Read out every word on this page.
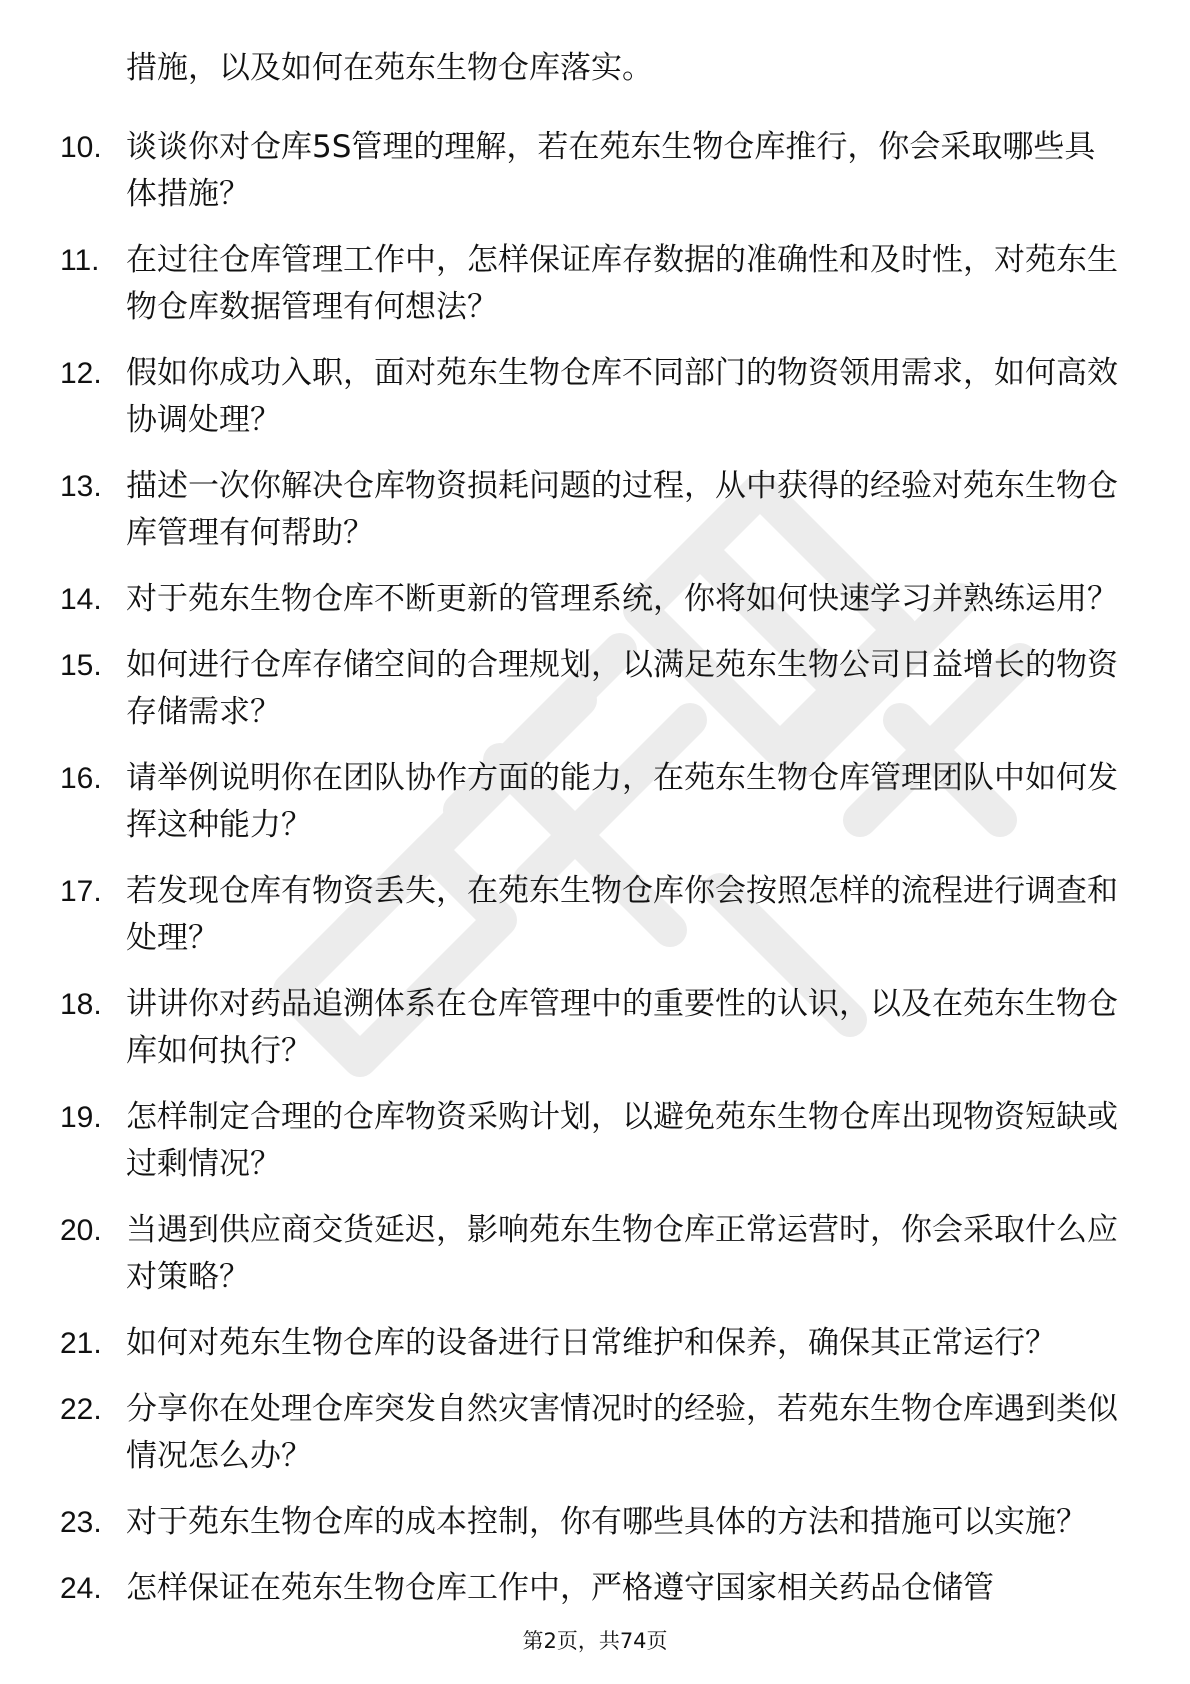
措施，以及如何在苑东生物仓库落实。
10. 谈谈你对仓库5S管理的理解，若在苑东生物仓库推行，你会采取哪些具体措施？
11. 在过往仓库管理工作中，怎样保证库存数据的准确性和及时性，对苑东生物仓库数据管理有何想法？
12. 假如你成功入职，面对苑东生物仓库不同部门的物资领用需求，如何高效协调处理？
13. 描述一次你解决仓库物资损耗问题的过程，从中获得的经验对苑东生物仓库管理有何帮助？
14. 对于苑东生物仓库不断更新的管理系统，你将如何快速学习并熟练运用？
15. 如何进行仓库存储空间的合理规划，以满足苑东生物公司日益增长的物资存储需求？
16. 请举例说明你在团队协作方面的能力，在苑东生物仓库管理团队中如何发挥这种能力？
17. 若发现仓库有物资丢失，在苑东生物仓库你会按照怎样的流程进行调查和处理？
18. 讲讲你对药品追溯体系在仓库管理中的重要性的认识，以及在苑东生物仓库如何执行？
19. 怎样制定合理的仓库物资采购计划，以避免苑东生物仓库出现物资短缺或过剩情况？
20. 当遇到供应商交货延迟，影响苑东生物仓库正常运营时，你会采取什么应对策略？
21. 如何对苑东生物仓库的设备进行日常维护和保养，确保其正常运行？
22. 分享你在处理仓库突发自然灾害情况时的经验，若苑东生物仓库遇到类似情况怎么办？
23. 对于苑东生物仓库的成本控制，你有哪些具体的方法和措施可以实施？
24. 怎样保证在苑东生物仓库工作中，严格遵守国家相关药品仓储管
第2页，共74页
